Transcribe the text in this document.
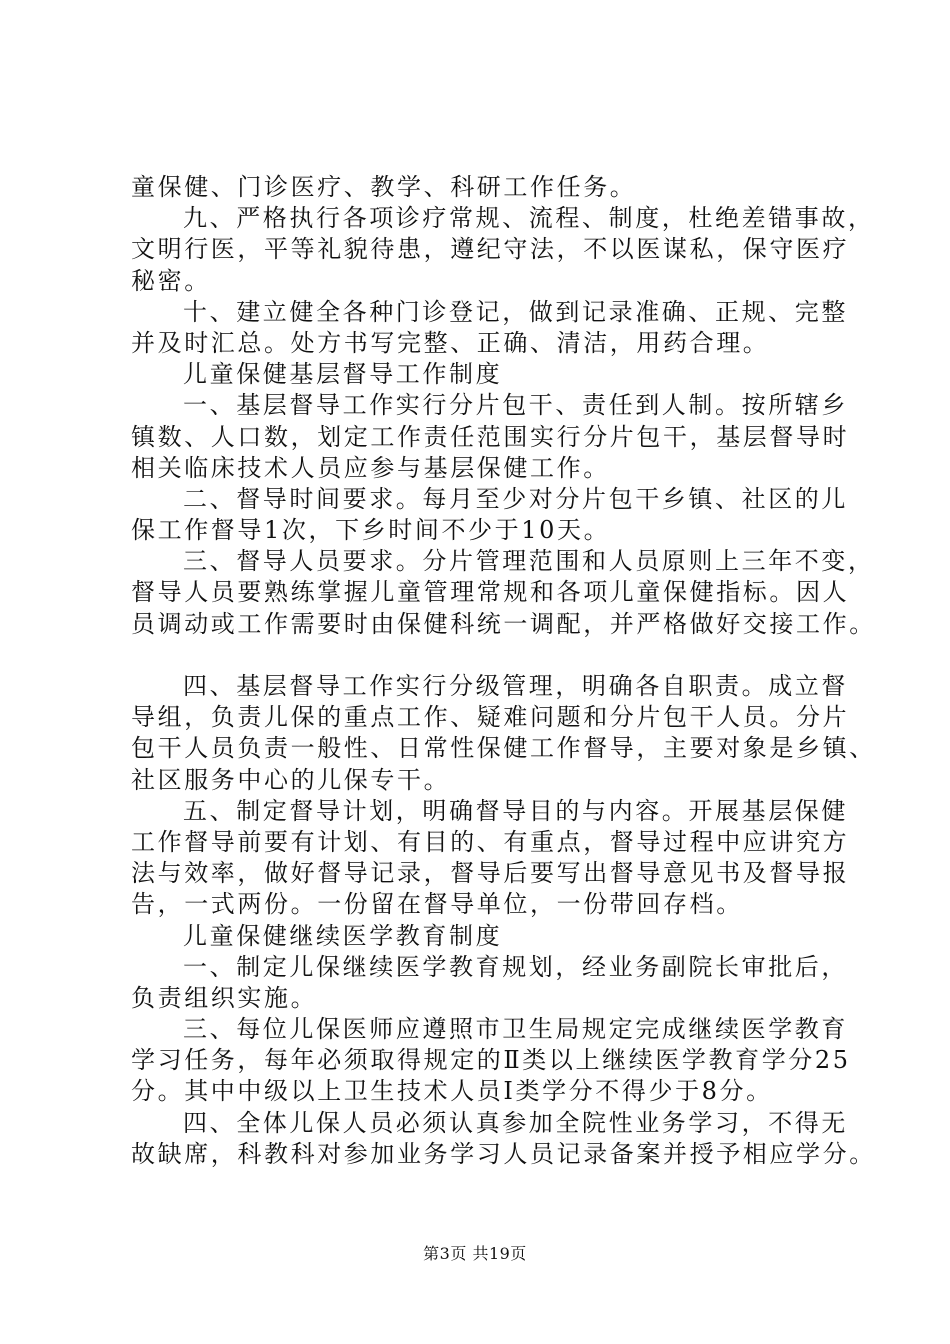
童保健、门诊医疗、教学、科研工作任务。
九、严格执行各项诊疗常规、流程、制度，杜绝差错事故，
文明行医，平等礼貌待患，遵纪守法，不以医谋私，保守医疗
秘密。
十、建立健全各种门诊登记，做到记录准确、正规、完整
并及时汇总。处方书写完整、正确、清洁，用药合理。
儿童保健基层督导工作制度
一、基层督导工作实行分片包干、责任到人制。按所辖乡
镇数、人口数，划定工作责任范围实行分片包干，基层督导时
相关临床技术人员应参与基层保健工作。
二、督导时间要求。每月至少对分片包干乡镇、社区的儿
保工作督导1次，下乡时间不少于10天。
三、督导人员要求。分片管理范围和人员原则上三年不变，
督导人员要熟练掌握儿童管理常规和各项儿童保健指标。因人
员调动或工作需要时由保健科统一调配，并严格做好交接工作。
四、基层督导工作实行分级管理，明确各自职责。成立督
导组，负责儿保的重点工作、疑难问题和分片包干人员。分片
包干人员负责一般性、日常性保健工作督导，主要对象是乡镇、
社区服务中心的儿保专干。
五、制定督导计划，明确督导目的与内容。开展基层保健
工作督导前要有计划、有目的、有重点，督导过程中应讲究方
法与效率，做好督导记录，督导后要写出督导意见书及督导报
告，一式两份。一份留在督导单位，一份带回存档。
儿童保健继续医学教育制度
一、制定儿保继续医学教育规划，经业务副院长审批后，
负责组织实施。
三、每位儿保医师应遵照市卫生局规定完成继续医学教育
学习任务，每年必须取得规定的Ⅱ类以上继续医学教育学分25
分。其中中级以上卫生技术人员Ⅰ类学分不得少于8分。
四、全体儿保人员必须认真参加全院性业务学习，不得无
故缺席，科教科对参加业务学习人员记录备案并授予相应学分。
第3页 共19页
